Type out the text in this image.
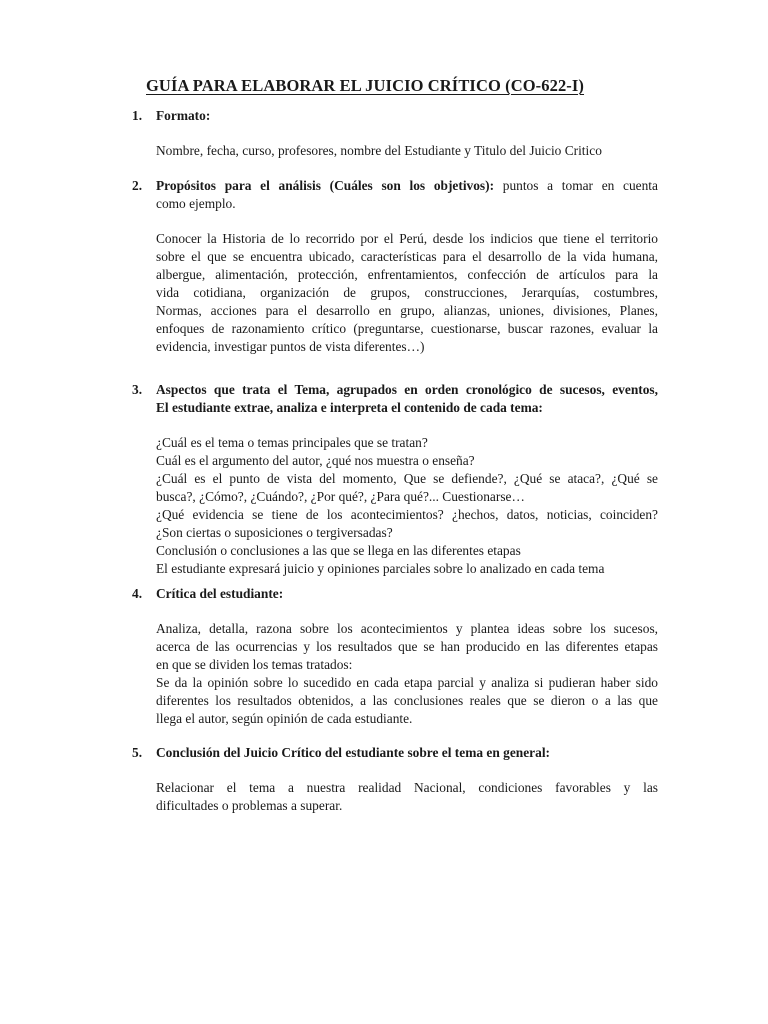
GUÍA PARA ELABORAR EL JUICIO CRÍTICO (CO-622-I)
1. Formato:
Nombre, fecha, curso, profesores, nombre del Estudiante y Titulo del Juicio Critico
2. Propósitos para el análisis (Cuáles son los objetivos): puntos a tomar en cuenta
como ejemplo.
Conocer la Historia de lo recorrido por el Perú, desde los indicios que tiene el territorio
sobre el que se encuentra ubicado, características para el desarrollo de la vida humana,
albergue, alimentación, protección, enfrentamientos, confección de artículos para la
vida cotidiana, organización de grupos, construcciones, Jerarquías, costumbres,
Normas, acciones para el desarrollo en grupo, alianzas, uniones, divisiones, Planes,
enfoques de razonamiento crítico (preguntarse, cuestionarse, buscar razones, evaluar la
evidencia, investigar puntos de vista diferentes…)
3. Aspectos que trata el Tema, agrupados en orden cronológico de sucesos, eventos,
El estudiante extrae, analiza e interpreta el contenido de cada tema:
¿Cuál es el tema o temas principales que se tratan?
Cuál es el argumento del autor, ¿qué nos muestra o enseña?
¿Cuál es el punto de vista del momento, Que se defiende?, ¿Qué se ataca?, ¿Qué se
busca?, ¿Cómo?, ¿Cuándo?, ¿Por qué?, ¿Para qué?... Cuestionarse…
¿Qué evidencia se tiene de los acontecimientos? ¿hechos, datos, noticias, coinciden?
¿Son ciertas o suposiciones o tergiversadas?
Conclusión o conclusiones a las que se llega en las diferentes etapas
El estudiante expresará juicio y opiniones parciales sobre lo analizado en cada tema
4. Crítica del estudiante:
Analiza, detalla, razona sobre los acontecimientos y plantea ideas sobre los sucesos,
acerca de las ocurrencias y los resultados que se han producido en las diferentes etapas
en que se dividen los temas tratados:
Se da la opinión sobre lo sucedido en cada etapa parcial y analiza si pudieran haber sido
diferentes los resultados obtenidos, a las conclusiones reales que se dieron o a las que
llega el autor, según opinión de cada estudiante.
5. Conclusión del Juicio Crítico del estudiante sobre el tema en general:
Relacionar el tema a nuestra realidad Nacional, condiciones favorables y las
dificultades o problemas a superar.
